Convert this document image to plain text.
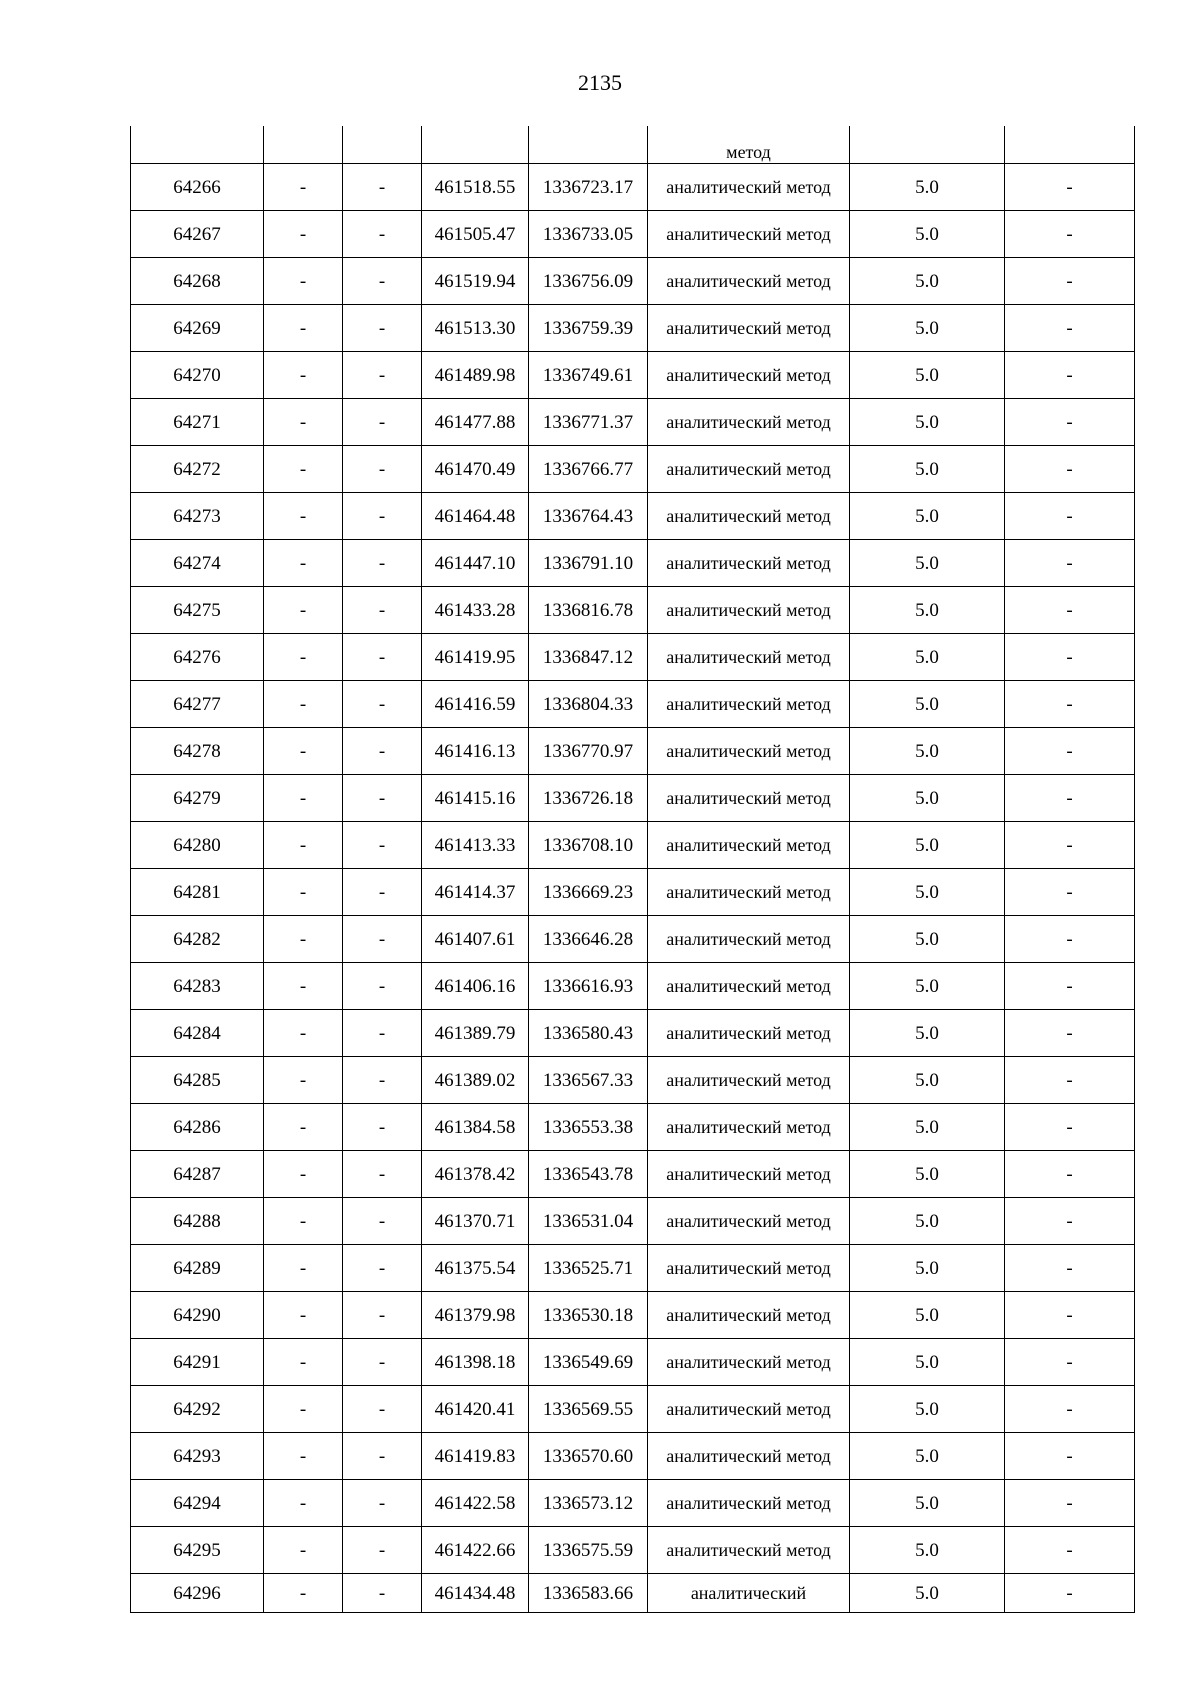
2135
					метод		
64266	-	-	461518.55	1336723.17	аналитический метод	5.0	-
64267	-	-	461505.47	1336733.05	аналитический метод	5.0	-
64268	-	-	461519.94	1336756.09	аналитический метод	5.0	-
64269	-	-	461513.30	1336759.39	аналитический метод	5.0	-
64270	-	-	461489.98	1336749.61	аналитический метод	5.0	-
64271	-	-	461477.88	1336771.37	аналитический метод	5.0	-
64272	-	-	461470.49	1336766.77	аналитический метод	5.0	-
64273	-	-	461464.48	1336764.43	аналитический метод	5.0	-
64274	-	-	461447.10	1336791.10	аналитический метод	5.0	-
64275	-	-	461433.28	1336816.78	аналитический метод	5.0	-
64276	-	-	461419.95	1336847.12	аналитический метод	5.0	-
64277	-	-	461416.59	1336804.33	аналитический метод	5.0	-
64278	-	-	461416.13	1336770.97	аналитический метод	5.0	-
64279	-	-	461415.16	1336726.18	аналитический метод	5.0	-
64280	-	-	461413.33	1336708.10	аналитический метод	5.0	-
64281	-	-	461414.37	1336669.23	аналитический метод	5.0	-
64282	-	-	461407.61	1336646.28	аналитический метод	5.0	-
64283	-	-	461406.16	1336616.93	аналитический метод	5.0	-
64284	-	-	461389.79	1336580.43	аналитический метод	5.0	-
64285	-	-	461389.02	1336567.33	аналитический метод	5.0	-
64286	-	-	461384.58	1336553.38	аналитический метод	5.0	-
64287	-	-	461378.42	1336543.78	аналитический метод	5.0	-
64288	-	-	461370.71	1336531.04	аналитический метод	5.0	-
64289	-	-	461375.54	1336525.71	аналитический метод	5.0	-
64290	-	-	461379.98	1336530.18	аналитический метод	5.0	-
64291	-	-	461398.18	1336549.69	аналитический метод	5.0	-
64292	-	-	461420.41	1336569.55	аналитический метод	5.0	-
64293	-	-	461419.83	1336570.60	аналитический метод	5.0	-
64294	-	-	461422.58	1336573.12	аналитический метод	5.0	-
64295	-	-	461422.66	1336575.59	аналитический метод	5.0	-
64296	-	-	461434.48	1336583.66	аналитический	5.0	-
